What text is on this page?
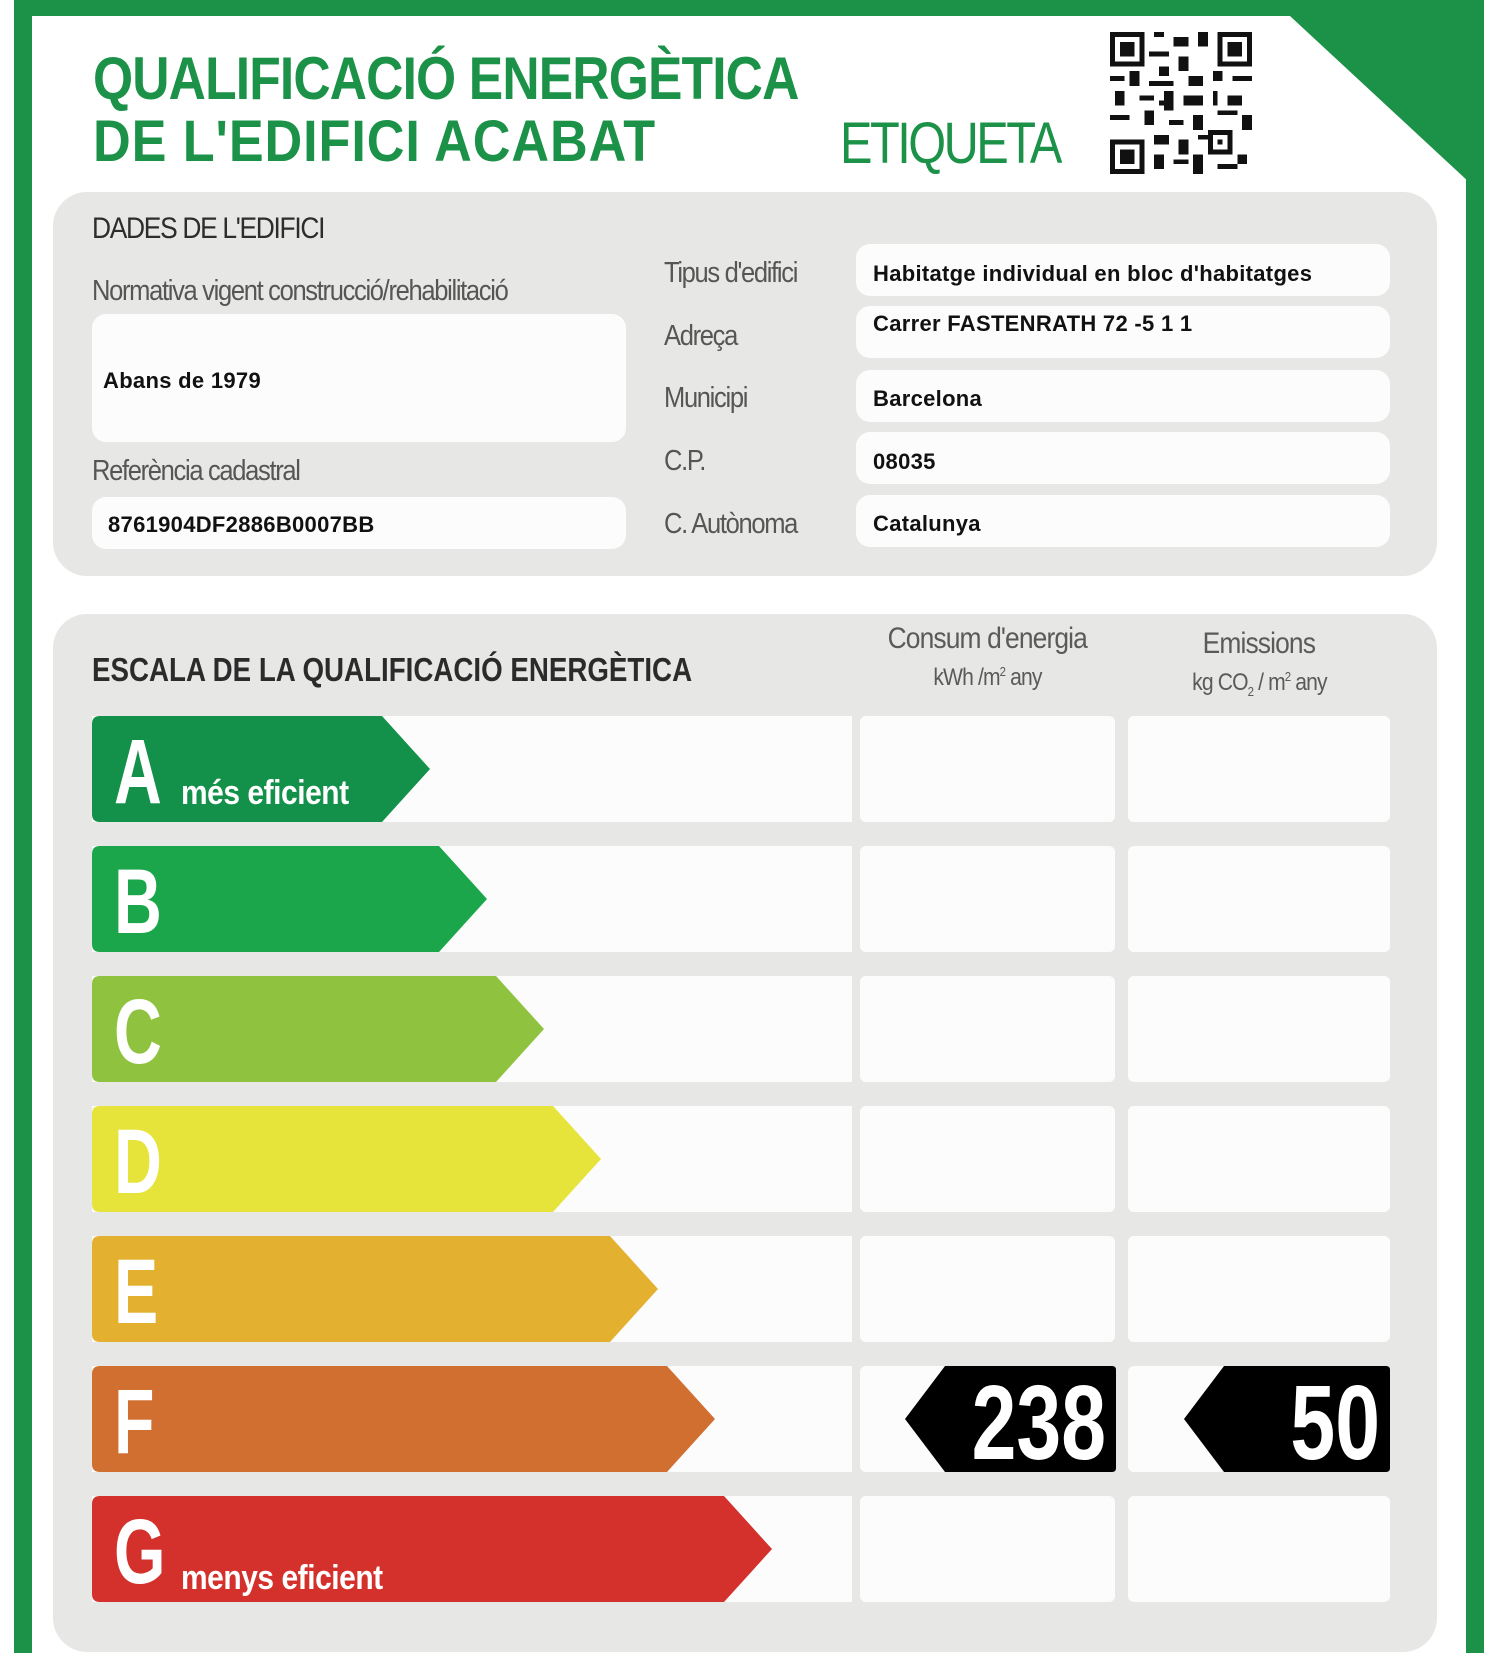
QUALIFICACIÓ ENERGÈTICA
DE L'EDIFICI ACABAT	ETIQUETA
DADES DE L'EDIFICI
Normativa vigent construcció/rehabilitació
Abans de 1979
Referència cadastral
8761904DF2886B0007BB
Tipus d'edifici	Habitatge individual en bloc d'habitatges
Adreça	Carrer FASTENRATH 72 -5 1 1
Municipi	Barcelona
C.P.	08035
C. Autònoma	Catalunya
ESCALA DE LA QUALIFICACIÓ ENERGÈTICA
Consum d'energia
kWh $/m^2$ any
Emissions
kg $CO_2 / m^2$ any
A més eficient
B
C
D
E
F	238	50
G menys eficient
